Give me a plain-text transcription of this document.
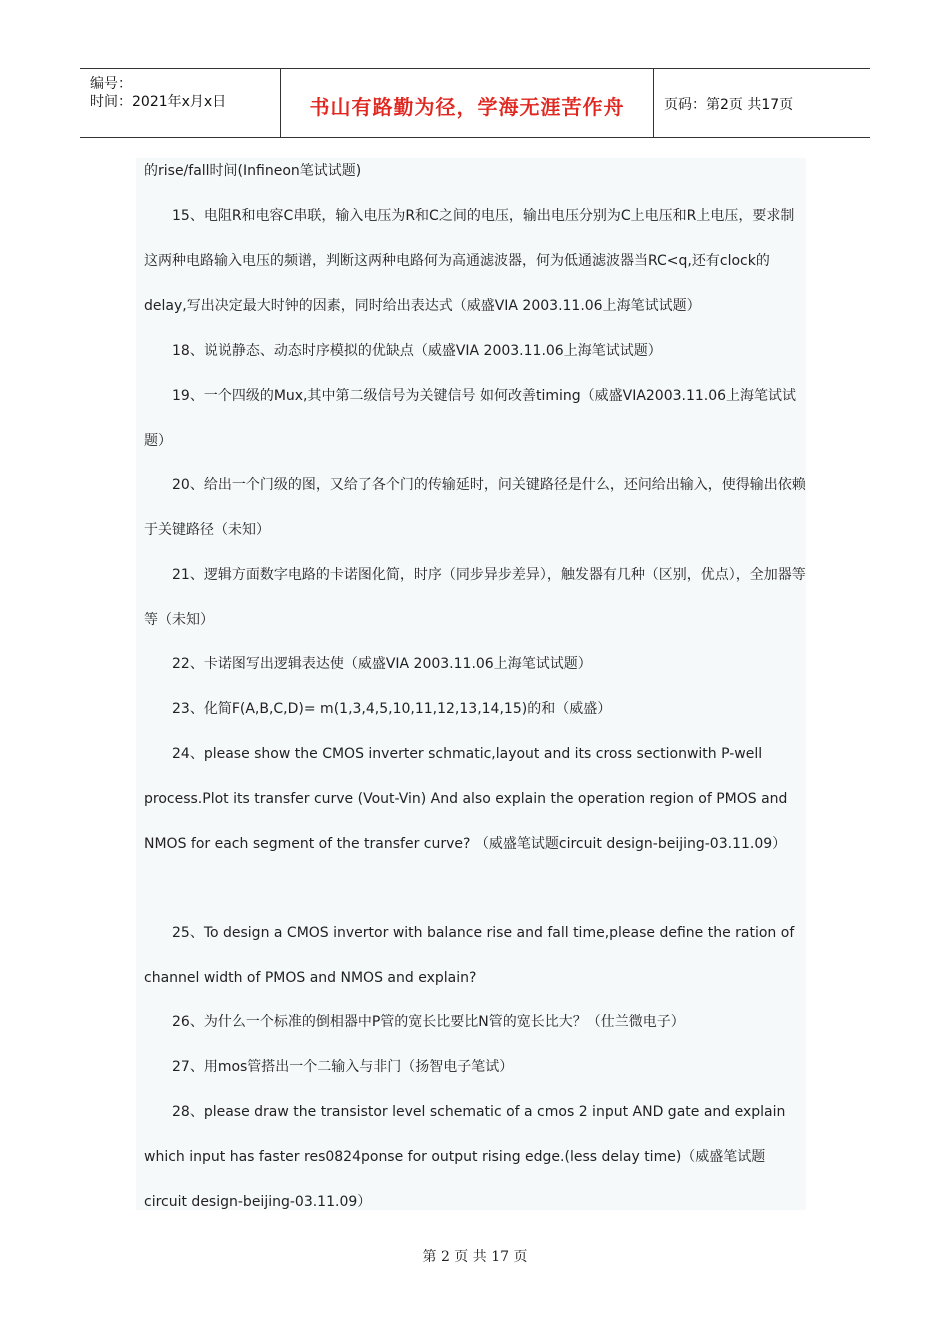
编号：
时间：2021年x月x日	书山有路勤为径，学海无涯苦作舟	页码：第2页 共17页
的rise/fall时间(Infineon笔试试题)
15、电阻R和电容C串联，输入电压为R和C之间的电压，输出电压分别为C上电压和R上电压，要求制这两种电路输入电压的频谱，判断这两种电路何为高通滤波器，何为低通滤波器当RC<q,还有clock的delay,写出决定最大时钟的因素，同时给出表达式（威盛VIA 2003.11.06上海笔试试题）
18、说说静态、动态时序模拟的优缺点（威盛VIA 2003.11.06上海笔试试题）
19、一个四级的Mux,其中第二级信号为关键信号 如何改善timing（威盛VIA2003.11.06上海笔试试题）
20、给出一个门级的图，又给了各个门的传输延时，问关键路径是什么，还问给出输入，使得输出依赖于关键路径（未知）
21、逻辑方面数字电路的卡诺图化简，时序（同步异步差异），触发器有几种（区别，优点），全加器等等（未知）
22、卡诺图写出逻辑表达使（威盛VIA 2003.11.06上海笔试试题）
23、化简F(A,B,C,D)= m(1,3,4,5,10,11,12,13,14,15)的和（威盛）
24、please show the CMOS inverter schmatic,layout and its cross sectionwith P-well process.Plot its transfer curve (Vout-Vin) And also explain the operation region of PMOS and NMOS for each segment of the transfer curve? （威盛笔试题circuit design-beijing-03.11.09）
25、To design a CMOS invertor with balance rise and fall time,please define the ration of channel width of PMOS and NMOS and explain?
26、为什么一个标准的倒相器中P管的宽长比要比N管的宽长比大？（仕兰微电子）
27、用mos管搭出一个二输入与非门（扬智电子笔试）
28、please draw the transistor level schematic of a cmos 2 input AND gate and explain which input has faster res0824ponse for output rising edge.(less delay time)（威盛笔试题circuit design-beijing-03.11.09）
第 2 页 共 17 页
